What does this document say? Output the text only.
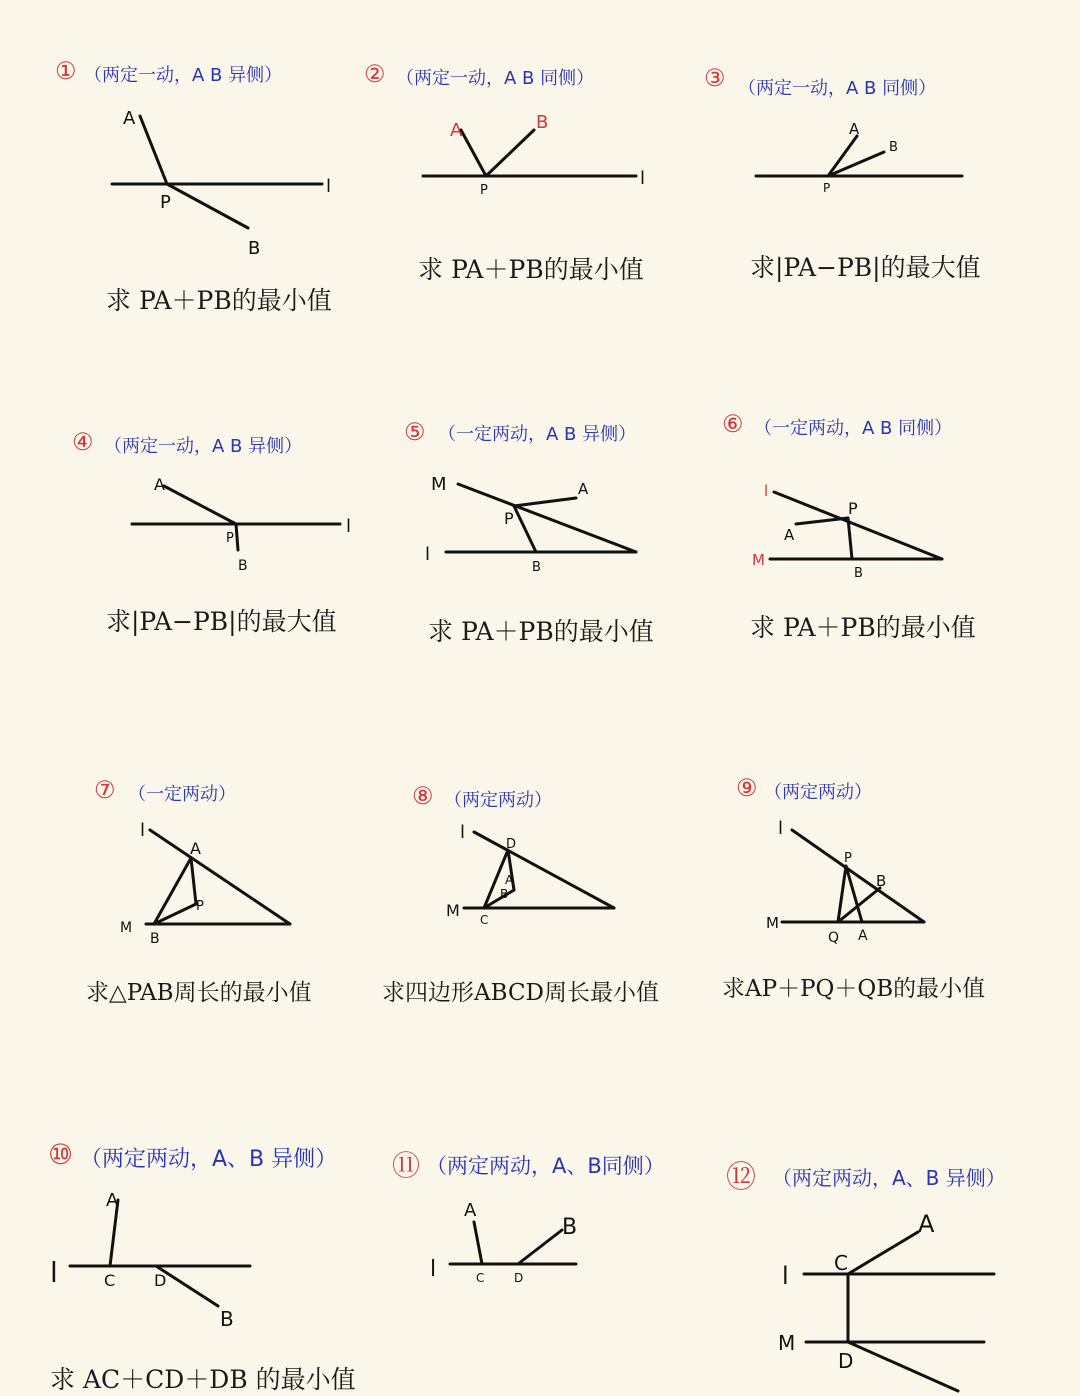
① （两定一动，A B 异侧）
A
P
B
l
求 PA＋PB的最小值
② （两定一动，A B 同侧）
A	B
P
l
求 PA＋PB的最小值
③ （两定一动，A B 同侧）
A
B
P
求|PA−PB|的最大值
④ （两定一动，A B 异侧）
A
P
B
l
求|PA−PB|的最大值
⑤ （一定两动，A B 异侧）
M	A
P
l
B
求 PA＋PB的最小值
⑥ （一定两动，A B 同侧）
l
P
A
M
B
求 PA＋PB的最小值
⑦ （一定两动）
l
A
P
M
B
求△PAB周长的最小值
⑧ （两定两动）
l
D
A
B
M C
求四边形ABCD周长最小值
⑨ （两定两动）
l
P
B
M
Q A
求AP＋PQ＋QB的最小值
⑩ （两定两动，A、B 异侧）
A
l	C D
B
求 AC＋CD＋DB 的最小值
⑪ （两定两动，A、B同侧）
A
B
l	C D
⑫ （两定两动，A、B 异侧）
A
l C
M
D
